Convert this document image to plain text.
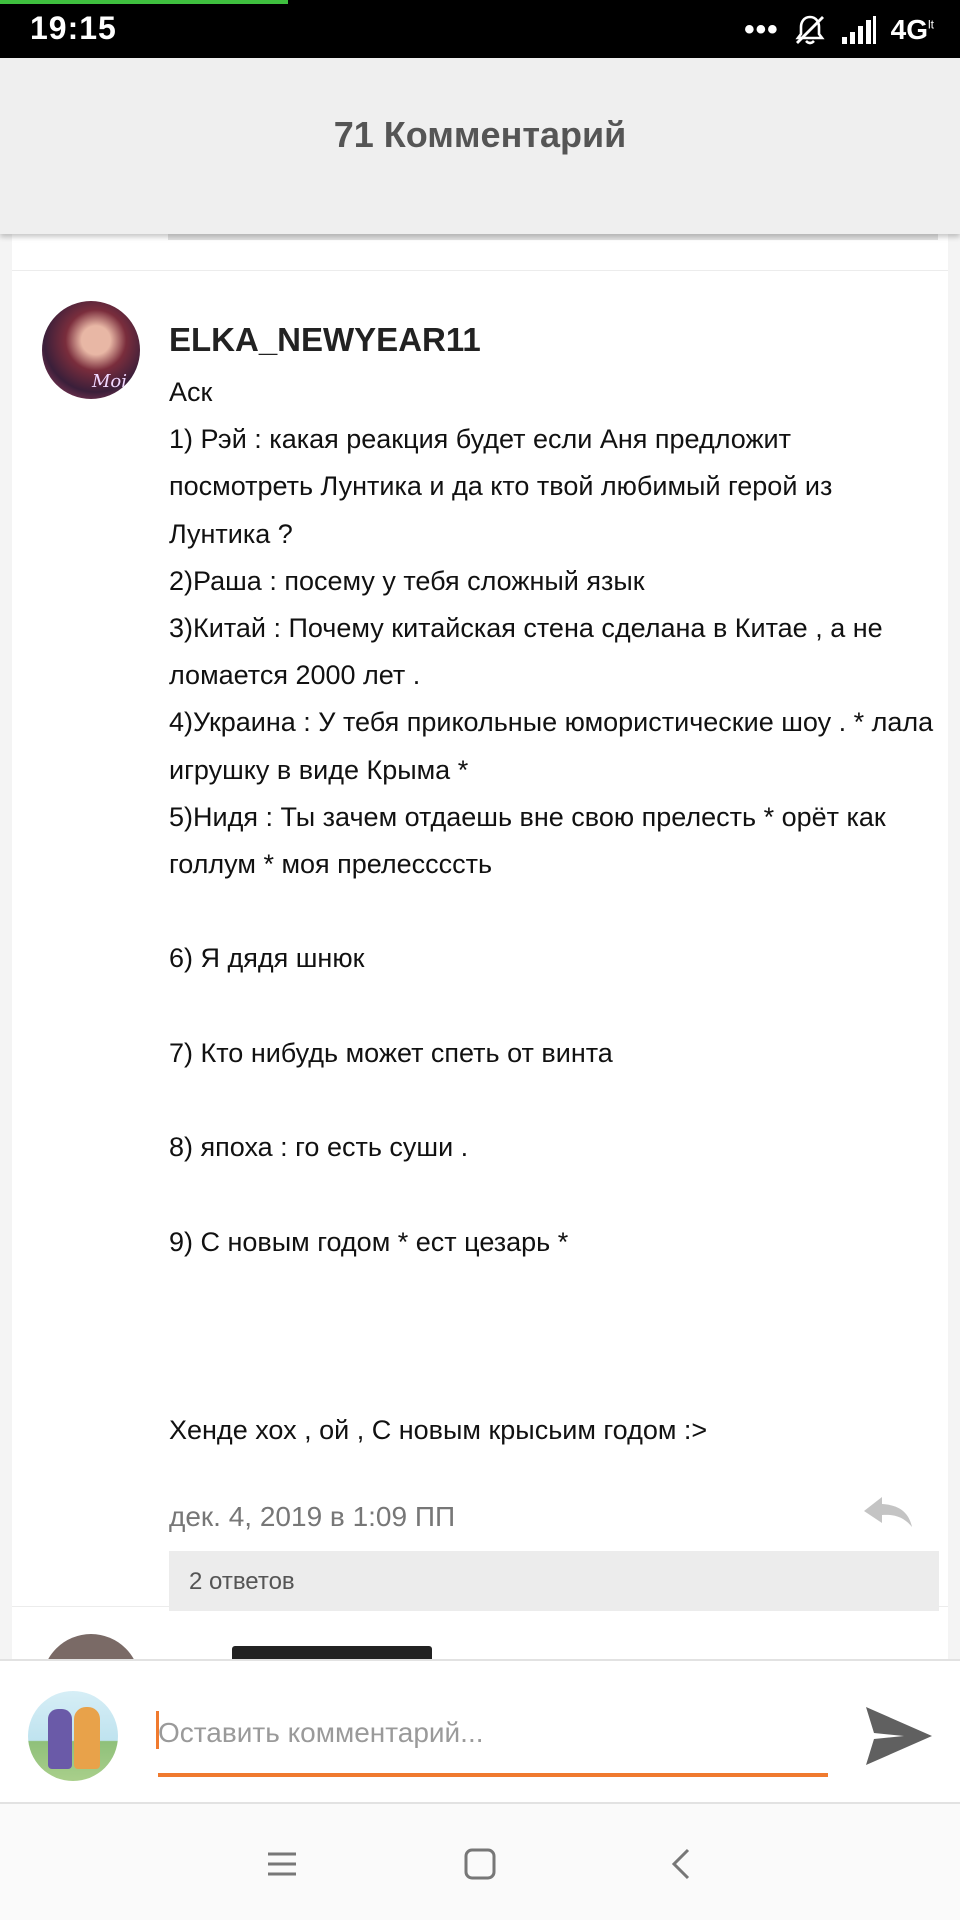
19:15	•••	$4G^{lt}$
71 Комментарий
Moi
ELKA_NEWYEAR11
Аск
1) Рэй : какая реакция будет если Аня предложит посмотреть Лунтика и да кто твой любимый герой из Лунтика ?
2)Раша : посему у тебя сложный язык
3)Китай : Почему китайская стена сделана в Китае , а не ломается 2000 лет .
4)Украина : У тебя прикольные юмористические шоу . * лала игрушку в виде Крыма *
5)Нидя : Ты зачем отдаешь вне свою прелесть * орёт как голлум * моя прелессссть

6) Я дядя шнюк

7) Кто нибудь может спеть от винта

8) япоха : го есть суши .

9) С новым годом * ест цезарь *

Хенде хох , ой , С новым крысьим годом :>
дек. 4, 2019 в 1:09 ПП
2 ответов
Оставить комментарий...
